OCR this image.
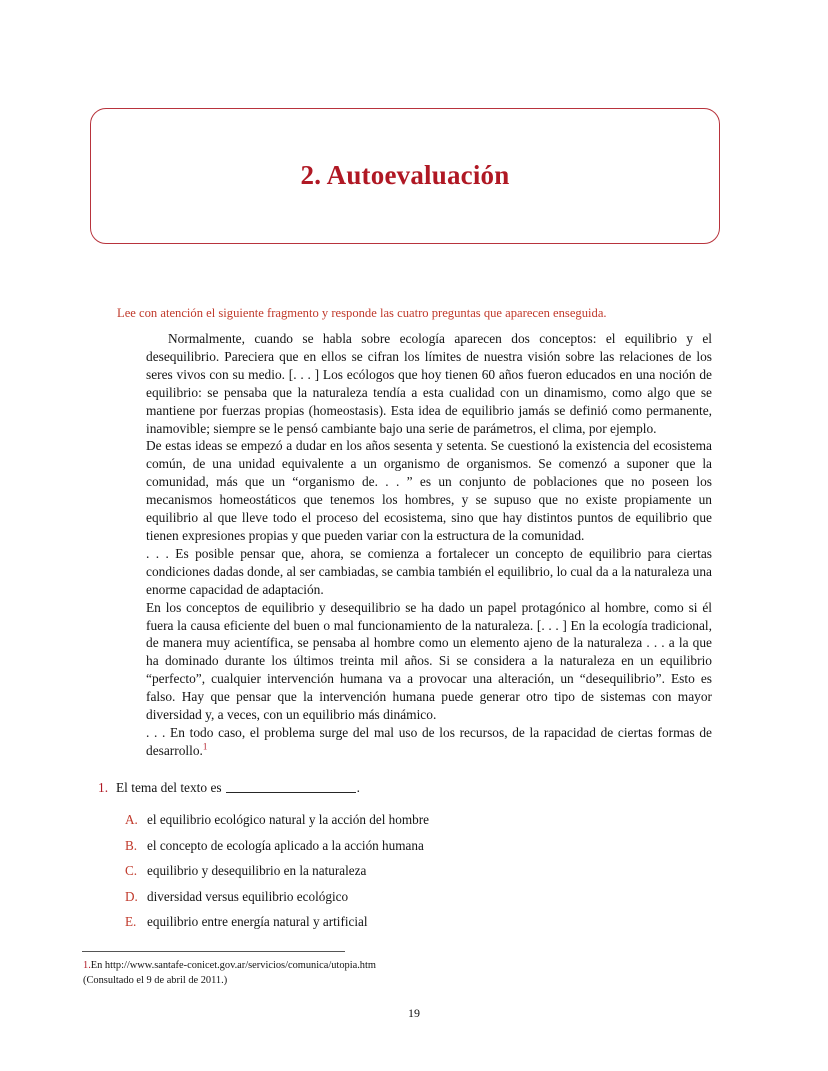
2. Autoevaluación
Lee con atención el siguiente fragmento y responde las cuatro preguntas que aparecen enseguida.

Normalmente, cuando se habla sobre ecología aparecen dos conceptos: el equilibrio y el desequilibrio. Pareciera que en ellos se cifran los límites de nuestra visión sobre las relaciones de los seres vivos con su medio. [. . . ] Los ecólogos que hoy tienen 60 años fueron educados en una noción de equilibrio: se pensaba que la naturaleza tendía a esta cualidad con un dinamismo, como algo que se mantiene por fuerzas propias (homeostasis). Esta idea de equilibrio jamás se definió como permanente, inamovible; siempre se le pensó cambiante bajo una serie de parámetros, el clima, por ejemplo.

De estas ideas se empezó a dudar en los años sesenta y setenta. Se cuestionó la existencia del ecosistema común, de una unidad equivalente a un organismo de organismos. Se comenzó a suponer que la comunidad, más que un “organismo de. . . ” es un conjunto de poblaciones que no poseen los mecanismos homeostáticos que tenemos los hombres, y se supuso que no existe propiamente un equilibrio al que lleve todo el proceso del ecosistema, sino que hay distintos puntos de equilibrio que tienen expresiones propias y que pueden variar con la estructura de la comunidad.

. . . Es posible pensar que, ahora, se comienza a fortalecer un concepto de equilibrio para ciertas condiciones dadas donde, al ser cambiadas, se cambia también el equilibrio, lo cual da a la naturaleza una enorme capacidad de adaptación.

En los conceptos de equilibrio y desequilibrio se ha dado un papel protagónico al hombre, como si él fuera la causa eficiente del buen o mal funcionamiento de la naturaleza. [. . . ] En la ecología tradicional, de manera muy acientífica, se pensaba al hombre como un elemento ajeno de la naturaleza . . . a la que ha dominado durante los últimos treinta mil años. Si se considera a la naturaleza en un equilibrio “perfecto”, cualquier intervención humana va a provocar una alteración, un “desequilibrio”. Esto es falso. Hay que pensar que la intervención humana puede generar otro tipo de sistemas con mayor diversidad y, a veces, con un equilibrio más dinámico.

. . . En todo caso, el problema surge del mal uso de los recursos, de la rapacidad de ciertas formas de desarrollo.$^1$

1. El tema del texto es	.
A. el equilibrio ecológico natural y la acción del hombre
B. el concepto de ecología aplicado a la acción humana
C. equilibrio y desequilibrio en la naturaleza
D. diversidad versus equilibrio ecológico
E. equilibrio entre energía natural y artificial
1.En http://www.santafe-conicet.gov.ar/servicios/comunica/utopia.htm
(Consultado el 9 de abril de 2011.)
19
